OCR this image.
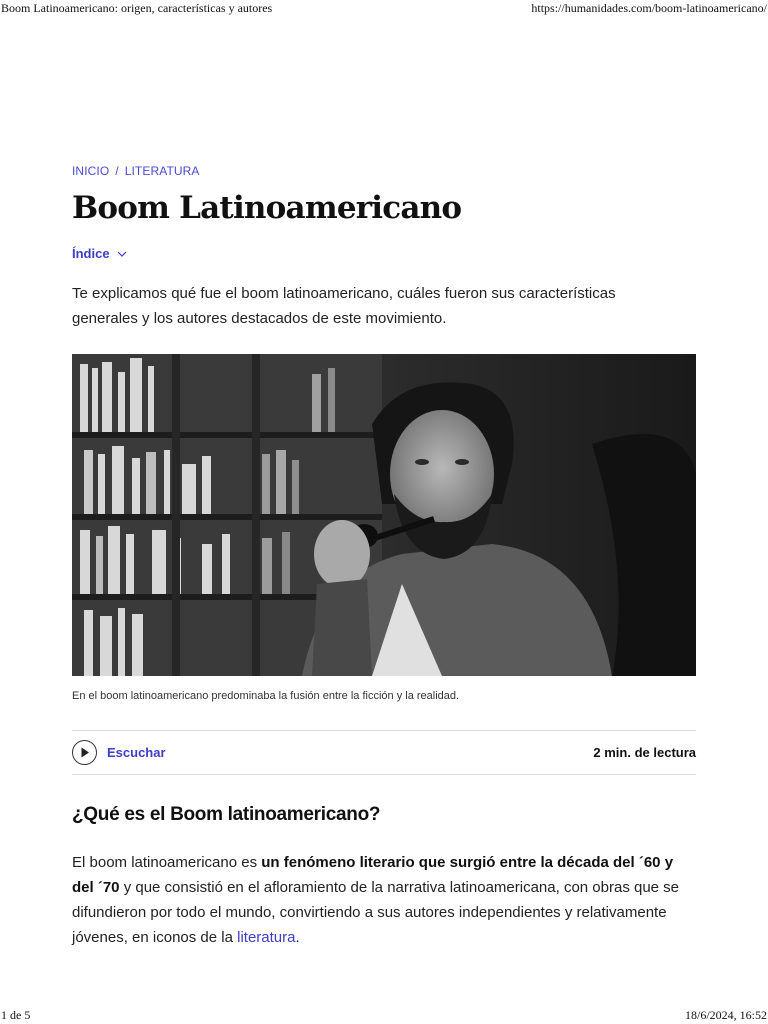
Boom Latinoamericano: origen, características y autores	https://humanidades.com/boom-latinoamericano/
INICIO / LITERATURA
Boom Latinoamericano
Índice

Te explicamos qué fue el boom latinoamericano, cuáles fueron sus características generales y los autores destacados de este movimiento.

En el boom latinoamericano predominaba la fusión entre la ficción y la realidad.
Escuchar	2 min. de lectura
¿Qué es el Boom latinoamericano?

El boom latinoamericano es un fenómeno literario que surgió entre la década del ´60 y del ´70 y que consistió en el afloramiento de la narrativa latinoamericana, con obras que se difundieron por todo el mundo, convirtiendo a sus autores independientes y relativamente jóvenes, en iconos de la literatura.

1 de 5	18/6/2024, 16:52
